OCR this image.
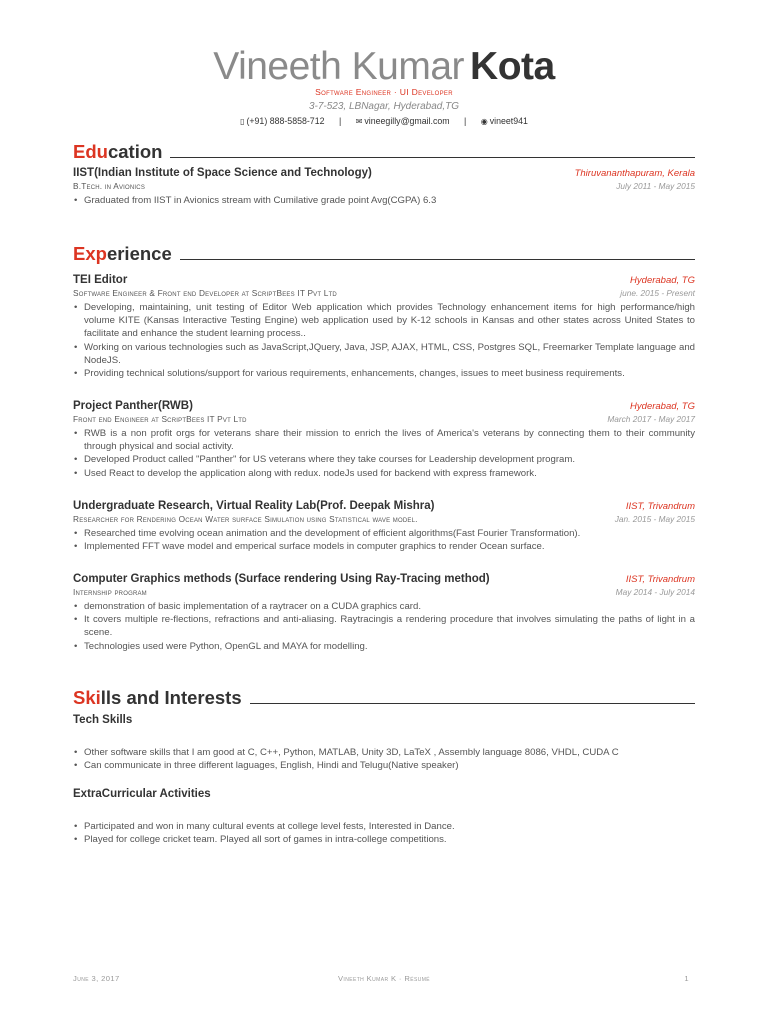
Vineeth Kumar Kota
Software Engineer · UI Developer
3-7-523, LBNagar, Hyderabad,TG
▯ (+91) 888-5858-712 | ✉ vineegilly@gmail.com | ◉ vineet941
Edu cation
IIST(Indian Institute of Space Science and Technology)	Thiruvananthapuram, Kerala
B.Tech. in Avionics	July 2011 - May 2015
• Graduated from IIST in Avionics stream with Cumilative grade point Avg(CGPA) 6.3
Exp erience
TEI Editor	Hyderabad, TG
Software Engineer & Front end Developer at ScriptBees IT Pvt Ltd	june. 2015 - Present
• Developing, maintaining, unit testing of Editor Web application which provides Technology enhancement items for high performance/high volume KITE (Kansas Interactive Testing Engine) web application used by K-12 schools in Kansas and other states across United States to facilitate and enhance the student learning process..
• Working on various technologies such as JavaScript,JQuery, Java, JSP, AJAX, HTML, CSS, Postgres SQL, Freemarker Template language and NodeJS.
• Providing technical solutions/support for various requirements, enhancements, changes, issues to meet business requirements.
Project Panther(RWB)	Hyderabad, TG
Front end Engineer at ScriptBees IT Pvt Ltd	March 2017 - May 2017
• RWB is a non profit orgs for veterans share their mission to enrich the lives of America's veterans by connecting them to their community through physical and social activity.
• Developed Product called "Panther" for US veterans where they take courses for Leadership development program.
• Used React to develop the application along with redux. nodeJs used for backend with express framework.
Undergraduate Research, Virtual Reality Lab(Prof. Deepak Mishra)	IIST, Trivandrum
Researcher for Rendering Ocean Water surface Simulation using Statistical wave model.	Jan. 2015 - May 2015
• Researched time evolving ocean animation and the development of efficient algorithms(Fast Fourier Transformation).
• Implemented FFT wave model and emperical surface models in computer graphics to render Ocean surface.
Computer Graphics methods (Surface rendering Using Ray-Tracing method)	IIST, Trivandrum
Internship program	May 2014 - July 2014
• demonstration of basic implementation of a raytracer on a CUDA graphics card.
• It covers multiple re-flections, refractions and anti-aliasing. Raytracingis a rendering procedure that involves simulating the paths of light in a scene.
• Technologies used were Python, OpenGL and MAYA for modelling.
Ski lls and Interests
Tech Skills
• Other software skills that I am good at C, C++, Python, MATLAB, Unity 3D, LaTeX , Assembly language 8086, VHDL, CUDA C
• Can communicate in three different laguages, English, Hindi and Telugu(Native speaker)
ExtraCurricular Activities
• Participated and won in many cultural events at college level fests, Interested in Dance.
• Played for college cricket team. Played all sort of games in intra-college competitions.
June 3, 2017	Vineeth Kumar K · Résumé	1
